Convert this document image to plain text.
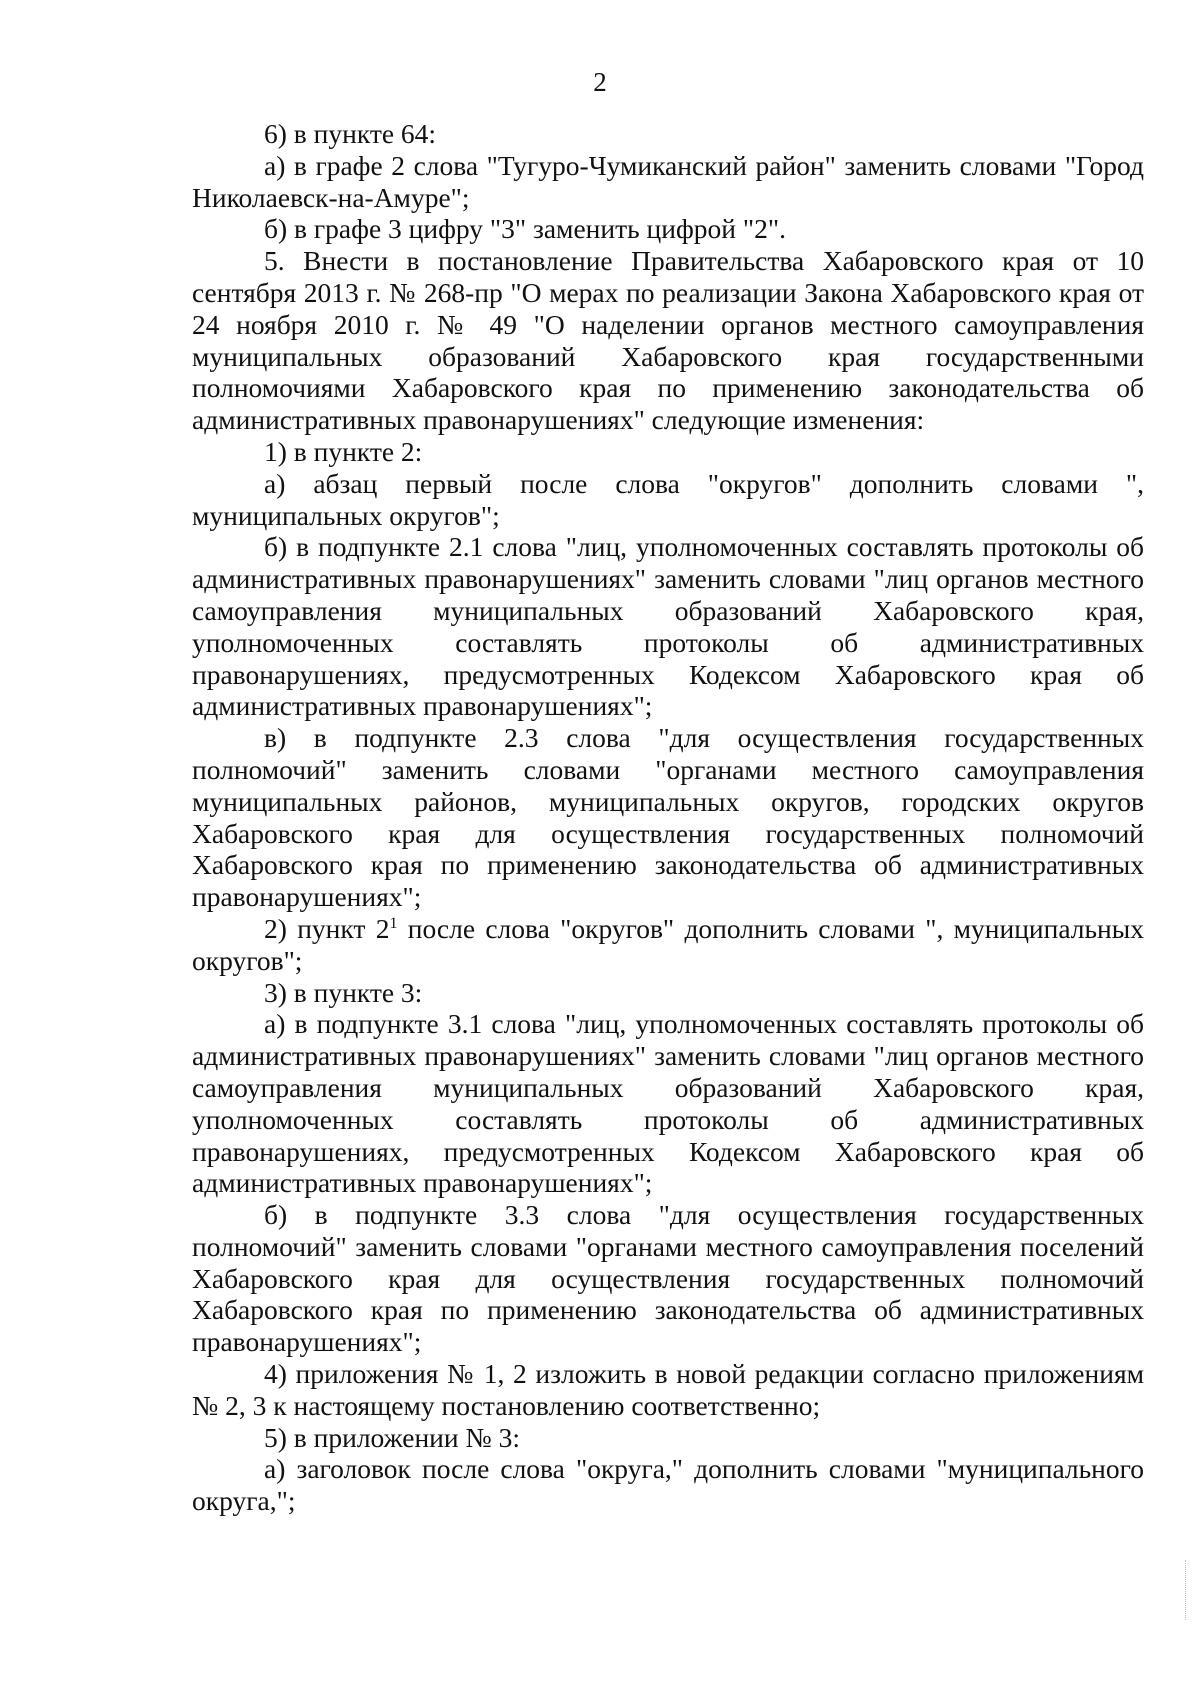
2

6) в пункте 64:

а) в графе 2 слова "Тугуро-Чумиканский район" заменить словами "Город Николаевск-на-Амуре";

б) в графе 3 цифру "3" заменить цифрой "2".

5. Внести в постановление Правительства Хабаровского края от 10 сентября 2013 г. № 268-пр "О мерах по реализации Закона Хабаровского края от 24 ноября 2010 г. № 49 "О наделении органов местного самоуправления муниципальных образований Хабаровского края государственными полномочиями Хабаровского края по применению законодательства об административных правонарушениях" следующие изменения:

1) в пункте 2:

а) абзац первый после слова "округов" дополнить словами ", муниципальных округов";

б) в подпункте 2.1 слова "лиц, уполномоченных составлять протоколы об административных правонарушениях" заменить словами "лиц органов местного самоуправления муниципальных образований Хабаровского края, уполномоченных составлять протоколы об административных правонарушениях, предусмотренных Кодексом Хабаровского края об административных правонарушениях";

в) в подпункте 2.3 слова "для осуществления государственных полномочий" заменить словами "органами местного самоуправления муниципальных районов, муниципальных округов, городских округов Хабаровского края для осуществления государственных полномочий Хабаровского края по применению законодательства об административных правонарушениях";

2) пункт $2^1$ после слова "округов" дополнить словами ", муниципальных округов";

3) в пункте 3:

а) в подпункте 3.1 слова "лиц, уполномоченных составлять протоколы об административных правонарушениях" заменить словами "лиц органов местного самоуправления муниципальных образований Хабаровского края, уполномоченных составлять протоколы об административных правонарушениях, предусмотренных Кодексом Хабаровского края об административных правонарушениях";

б) в подпункте 3.3 слова "для осуществления государственных полномочий" заменить словами "органами местного самоуправления поселений Хабаровского края для осуществления государственных полномочий Хабаровского края по применению законодательства об административных правонарушениях";

4) приложения № 1, 2 изложить в новой редакции согласно приложениям № 2, 3 к настоящему постановлению соответственно;

5) в приложении № 3:

а) заголовок после слова "округа," дополнить словами "муниципального округа,";
